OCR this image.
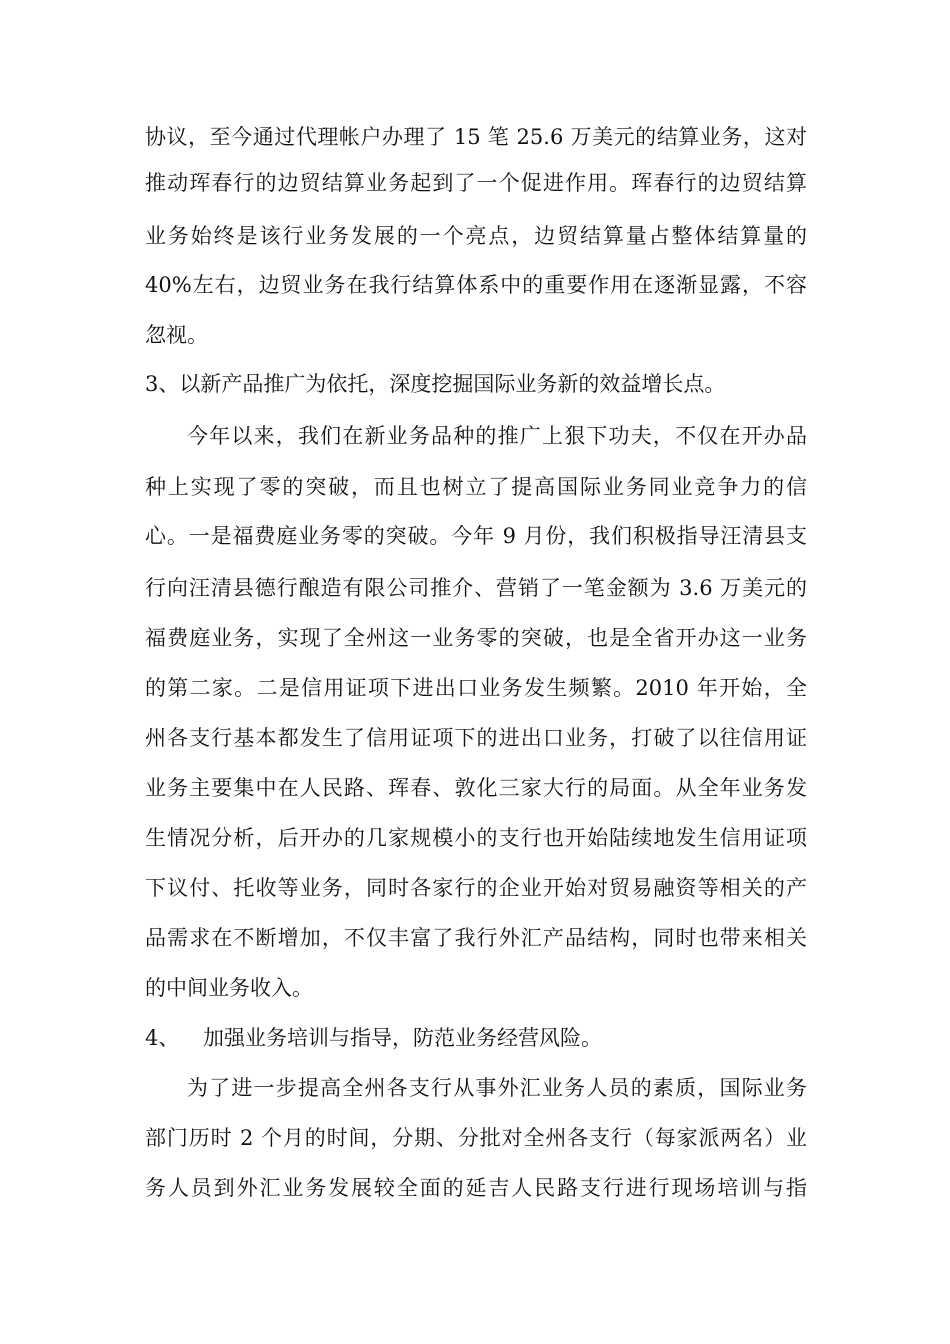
协议，至今通过代理帐户办理了 15 笔 25.6 万美元的结算业务，这对
推动珲春行的边贸结算业务起到了一个促进作用。珲春行的边贸结算
业务始终是该行业务发展的一个亮点，边贸结算量占整体结算量的
40%左右，边贸业务在我行结算体系中的重要作用在逐渐显露，不容
忽视。
3、以新产品推广为依托，深度挖掘国际业务新的效益增长点。
今年以来，我们在新业务品种的推广上狠下功夫，不仅在开办品
种上实现了零的突破，而且也树立了提高国际业务同业竞争力的信
心。一是福费庭业务零的突破。今年 9 月份，我们积极指导汪清县支
行向汪清县德行酿造有限公司推介、营销了一笔金额为 3.6 万美元的
福费庭业务，实现了全州这一业务零的突破，也是全省开办这一业务
的第二家。二是信用证项下进出口业务发生频繁。2010 年开始，全
州各支行基本都发生了信用证项下的进出口业务，打破了以往信用证
业务主要集中在人民路、珲春、敦化三家大行的局面。从全年业务发
生情况分析，后开办的几家规模小的支行也开始陆续地发生信用证项
下议付、托收等业务，同时各家行的企业开始对贸易融资等相关的产
品需求在不断增加，不仅丰富了我行外汇产品结构，同时也带来相关
的中间业务收入。
4、 加强业务培训与指导，防范业务经营风险。
为了进一步提高全州各支行从事外汇业务人员的素质，国际业务
部门历时 2 个月的时间，分期、分批对全州各支行（每家派两名）业
务人员到外汇业务发展较全面的延吉人民路支行进行现场培训与指
